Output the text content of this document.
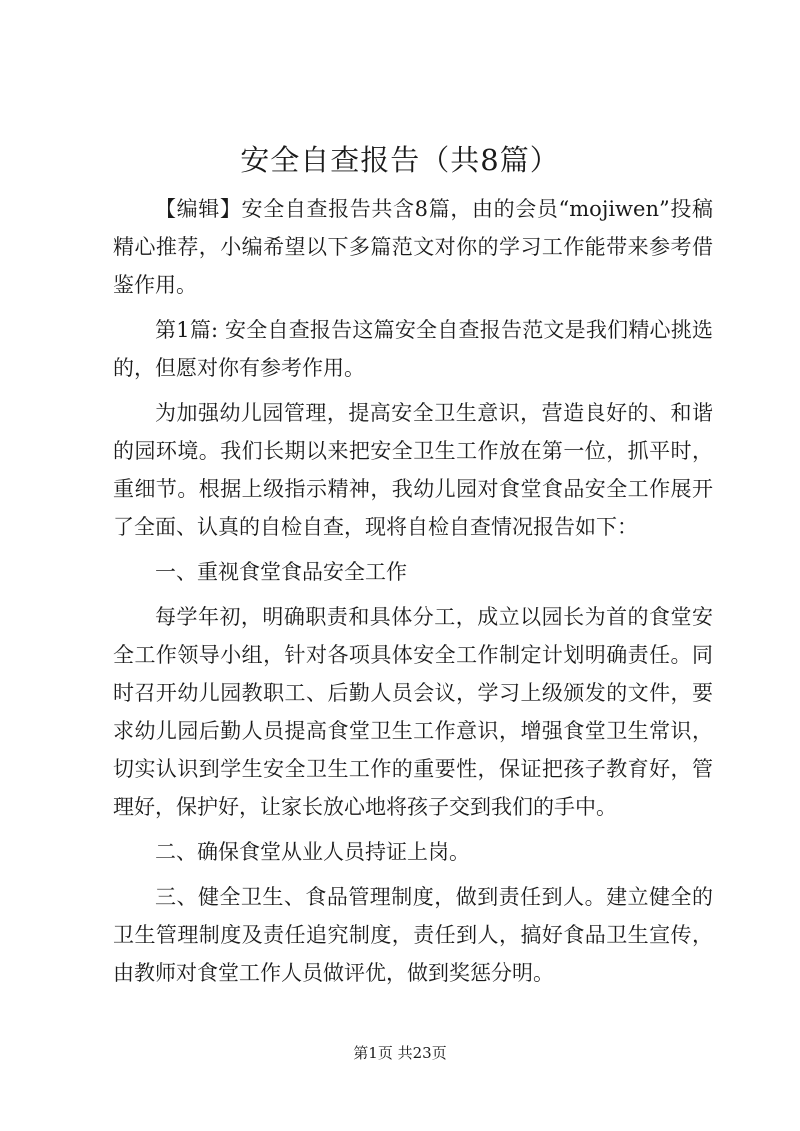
安全自查报告（共8篇）

【编辑】安全自查报告共含8篇，由的会员“mojiwen”投稿精心推荐，小编希望以下多篇范文对你的学习工作能带来参考借鉴作用。

第1篇: 安全自查报告这篇安全自查报告范文是我们精心挑选的，但愿对你有参考作用。

为加强幼儿园管理，提高安全卫生意识，营造良好的、和谐的园环境。我们长期以来把安全卫生工作放在第一位，抓平时，重细节。根据上级指示精神，我幼儿园对食堂食品安全工作展开了全面、认真的自检自查，现将自检自查情况报告如下：

一、重视食堂食品安全工作

每学年初，明确职责和具体分工，成立以园长为首的食堂安全工作领导小组，针对各项具体安全工作制定计划明确责任。同时召开幼儿园教职工、后勤人员会议，学习上级颁发的文件，要求幼儿园后勤人员提高食堂卫生工作意识，增强食堂卫生常识，切实认识到学生安全卫生工作的重要性，保证把孩子教育好，管理好，保护好，让家长放心地将孩子交到我们的手中。

二、确保食堂从业人员持证上岗。

三、健全卫生、食品管理制度，做到责任到人。建立健全的卫生管理制度及责任追究制度，责任到人，搞好食品卫生宣传，由教师对食堂工作人员做评优，做到奖惩分明。

第1页 共23页
